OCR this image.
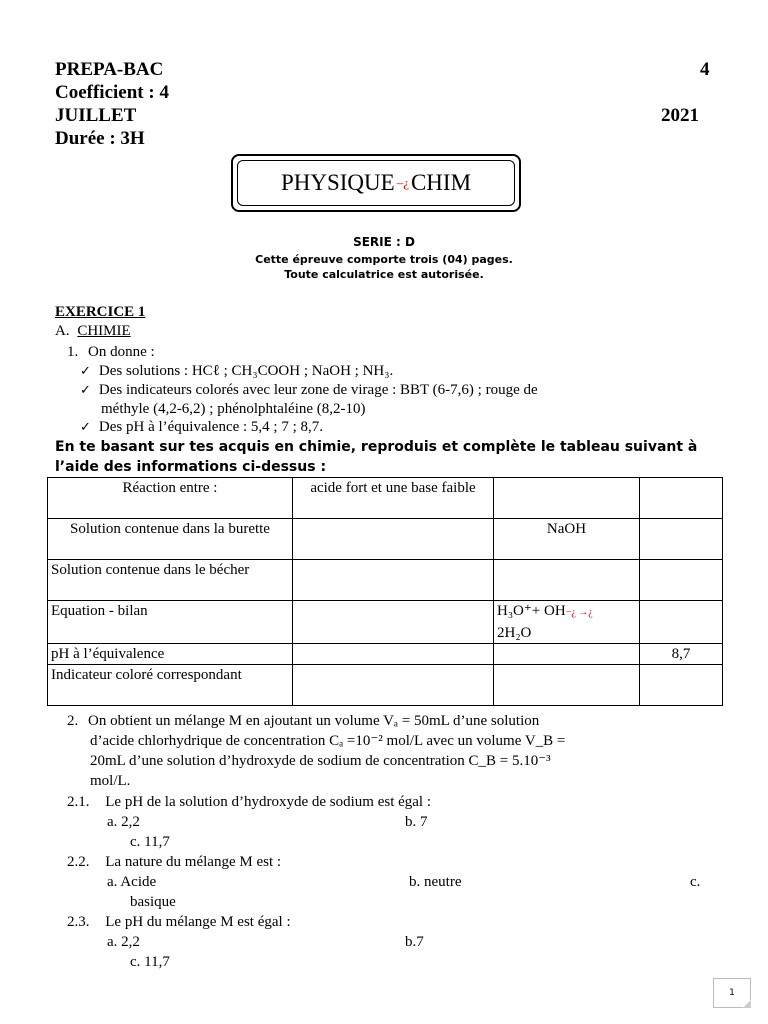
PREPA-BAC
Coefficient : 4
JUILLET
Durée : 3H
4
2021
PHYSIQUE –¿ CHIM
SERIE : D
Cette épreuve comporte trois (04) pages.
Toute calculatrice est autorisée.
EXERCICE 1
A. CHIMIE
1. On donne :
✓ Des solutions : HCℓ ; CH₃COOH ; NaOH ; NH₃.
✓ Des indicateurs colorés avec leur zone de virage : BBT (6-7,6) ; rouge de
méthyle (4,2-6,2) ; phénolphtaléine (8,2-10)
✓ Des pH à l’équivalence : 5,4 ; 7 ; 8,7.
En te basant sur tes acquis en chimie, reproduis et complète le tableau suivant à
l’aide des informations ci-dessus :
Réaction entre :	acide fort et une base faible		
Solution contenue dans la burette		NaOH	
Solution contenue dans le bécher			
Equation - bilan		H₃O⁺+ OH−¿ →¿
2H₂O	
pH à l’équivalence			8,7
Indicateur coloré correspondant			
2. On obtient un mélange M en ajoutant un volume Vₐ = 50mL d’une solution
d’acide chlorhydrique de concentration Cₐ =10⁻² mol/L avec un volume V_B =
20mL d’une solution d’hydroxyde de sodium de concentration C_B = 5.10⁻³
mol/L.
2.1. Le pH de la solution d’hydroxyde de sodium est égal :
a. 2,2	b. 7
c. 11,7
2.2. La nature du mélange M est :
a. Acide	b. neutre	c.
basique
2.3. Le pH du mélange M est égal :
a. 2,2	b.7
c. 11,7
1
